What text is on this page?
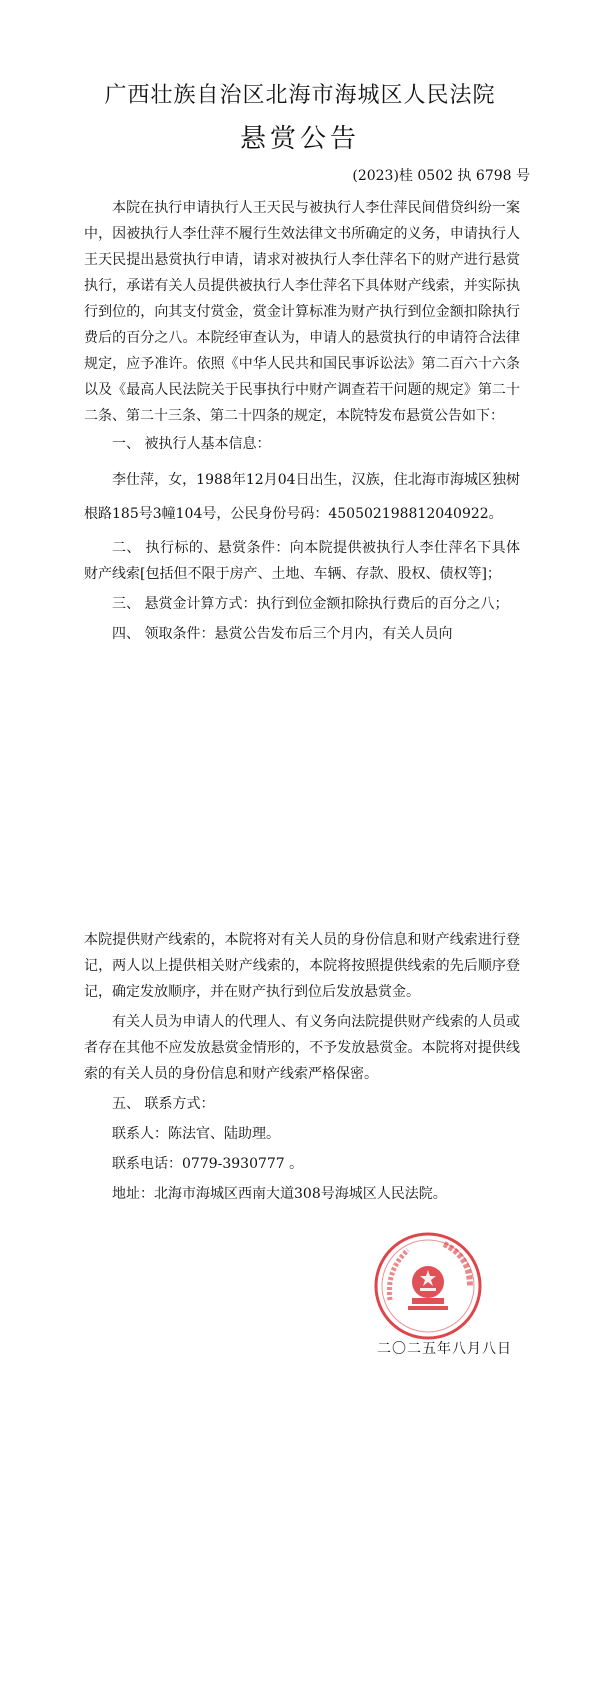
广西壮族自治区北海市海城区人民法院
悬赏公告
(2023)桂 0502 执 6798 号

本院在执行申请执行人王天民与被执行人李仕萍民间借贷纠纷一案中，因被执行人李仕萍不履行生效法律文书所确定的义务，申请执行人王天民提出悬赏执行申请，请求对被执行人李仕萍名下的财产进行悬赏执行，承诺有关人员提供被执行人李仕萍名下具体财产线索，并实际执行到位的，向其支付赏金，赏金计算标准为财产执行到位金额扣除执行费后的百分之八。本院经审查认为，申请人的悬赏执行的申请符合法律规定，应予准许。依照《中华人民共和国民事诉讼法》第二百六十六条以及《最高人民法院关于民事执行中财产调查若干问题的规定》第二十二条、第二十三条、第二十四条的规定，本院特发布悬赏公告如下：

一、 被执行人基本信息：

李仕萍，女，1988年12月04日出生，汉族，住北海市海城区独树根路185号3幢104号，公民身份号码：450502198812040922。

二、 执行标的、悬赏条件：向本院提供被执行人李仕萍名下具体财产线索[包括但不限于房产、土地、车辆、存款、股权、债权等]；

三、 悬赏金计算方式：执行到位金额扣除执行费后的百分之八；

四、 领取条件：悬赏公告发布后三个月内，有关人员向

本院提供财产线索的，本院将对有关人员的身份信息和财产线索进行登记，两人以上提供相关财产线索的，本院将按照提供线索的先后顺序登记，确定发放顺序，并在财产执行到位后发放悬赏金。

有关人员为申请人的代理人、有义务向法院提供财产线索的人员或者存在其他不应发放悬赏金情形的，不予发放悬赏金。本院将对提供线索的有关人员的身份信息和财产线索严格保密。

五、 联系方式：

联系人：陈法官、陆助理。

联系电话：0779-3930777 。

地址：北海市海城区西南大道308号海城区人民法院。

二〇二五年八月八日
